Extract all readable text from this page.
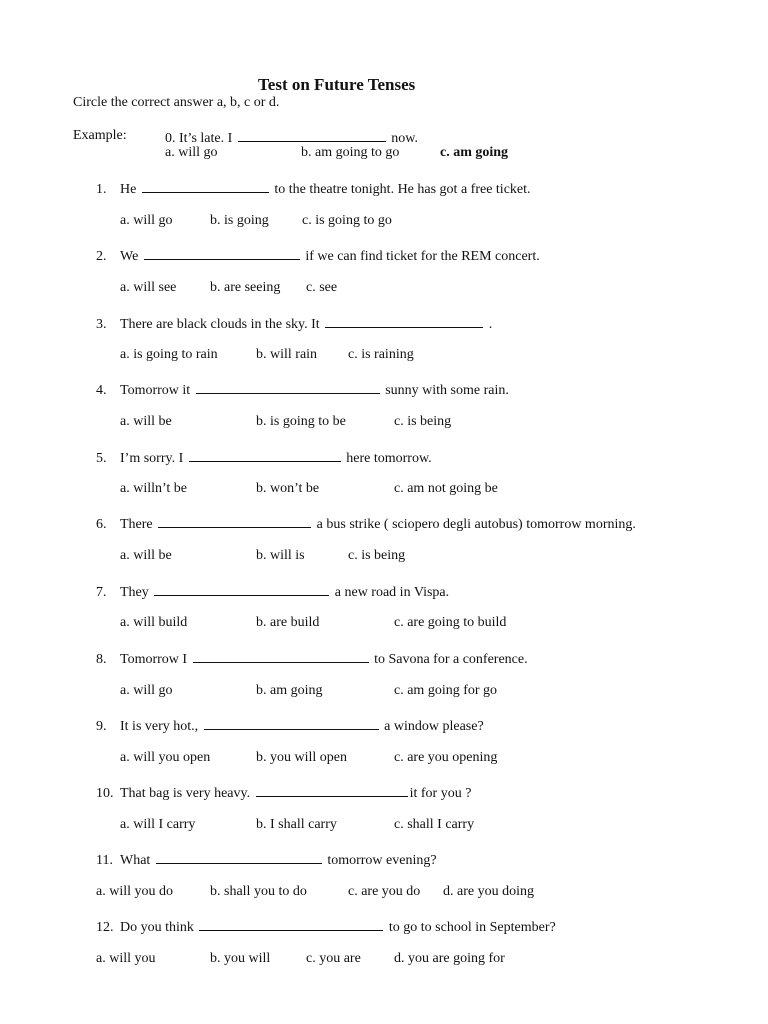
Test on Future Tenses
Circle the correct answer a, b, c or d.
Example:	0. It’s late. I	now.
a. will go	b. am going to go	c. am going
1. He	to the theatre tonight. He has got a free ticket.
a. will go	b. is going c. is going to go
2. We	if we can find ticket for the REM concert.
a. will see b. are seeing c. see
3. There are black clouds in the sky. It	.
a. is going to rain	b. will rain c. is raining
4. Tomorrow it	sunny with some rain.
a. will be	b. is going to be	c. is being
5. I’m sorry. I	here tomorrow.
a. willn’t be	b. won’t be	c. am not going be
6. There	a bus strike ( sciopero degli autobus) tomorrow morning.
a. will be	b. will is	c. is being
7. They	a new road in Vispa.
a. will build	b. are build	c. are going to build
8. Tomorrow I	to Savona for a conference.
a. will go	b. am going	c. am going for go
9. It is very hot.,	a window please?
a. will you open	b. you will open	c. are you opening
10. That bag is very heavy.	it for you ?
a. will I carry	b. I shall carry	c. shall I carry
11. What	tomorrow evening?
a. will you do	b. shall you to do	c. are you do d. are you doing
12. Do you think	to go to school in September?
a. will you	b. you will	c. you are d. you are going for
